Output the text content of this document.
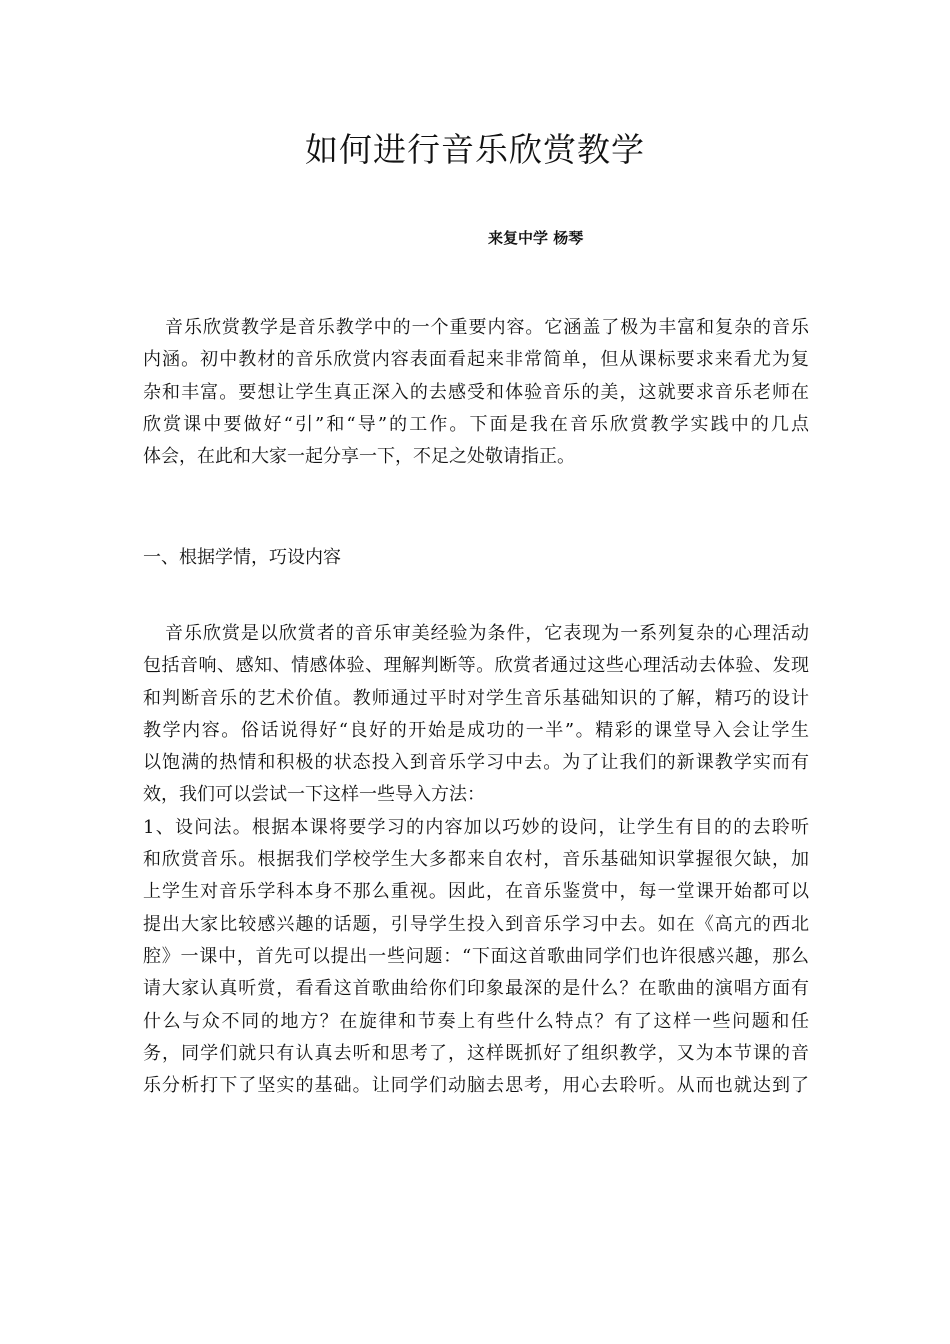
如何进行音乐欣赏教学
来复中学 杨琴
音乐欣赏教学是音乐教学中的一个重要内容。它涵盖了极为丰富和复杂的音乐
内涵。初中教材的音乐欣赏内容表面看起来非常简单，但从课标要求来看尤为复
杂和丰富。要想让学生真正深入的去感受和体验音乐的美，这就要求音乐老师在
欣赏课中要做好“引”和“导”的工作。下面是我在音乐欣赏教学实践中的几点
体会，在此和大家一起分享一下，不足之处敬请指正。
一、根据学情，巧设内容
音乐欣赏是以欣赏者的音乐审美经验为条件，它表现为一系列复杂的心理活动
包括音响、感知、情感体验、理解判断等。欣赏者通过这些心理活动去体验、发现
和判断音乐的艺术价值。教师通过平时对学生音乐基础知识的了解，精巧的设计
教学内容。俗话说得好“良好的开始是成功的一半”。精彩的课堂导入会让学生
以饱满的热情和积极的状态投入到音乐学习中去。为了让我们的新课教学实而有
效，我们可以尝试一下这样一些导入方法：
1、设问法。根据本课将要学习的内容加以巧妙的设问，让学生有目的的去聆听
和欣赏音乐。根据我们学校学生大多都来自农村，音乐基础知识掌握很欠缺，加
上学生对音乐学科本身不那么重视。因此，在音乐鉴赏中，每一堂课开始都可以
提出大家比较感兴趣的话题，引导学生投入到音乐学习中去。如在《高亢的西北
腔》一课中，首先可以提出一些问题：“下面这首歌曲同学们也许很感兴趣，那么
请大家认真听赏，看看这首歌曲给你们印象最深的是什么？在歌曲的演唱方面有
什么与众不同的地方？在旋律和节奏上有些什么特点？有了这样一些问题和任
务，同学们就只有认真去听和思考了，这样既抓好了组织教学，又为本节课的音
乐分析打下了坚实的基础。让同学们动脑去思考，用心去聆听。从而也就达到了
